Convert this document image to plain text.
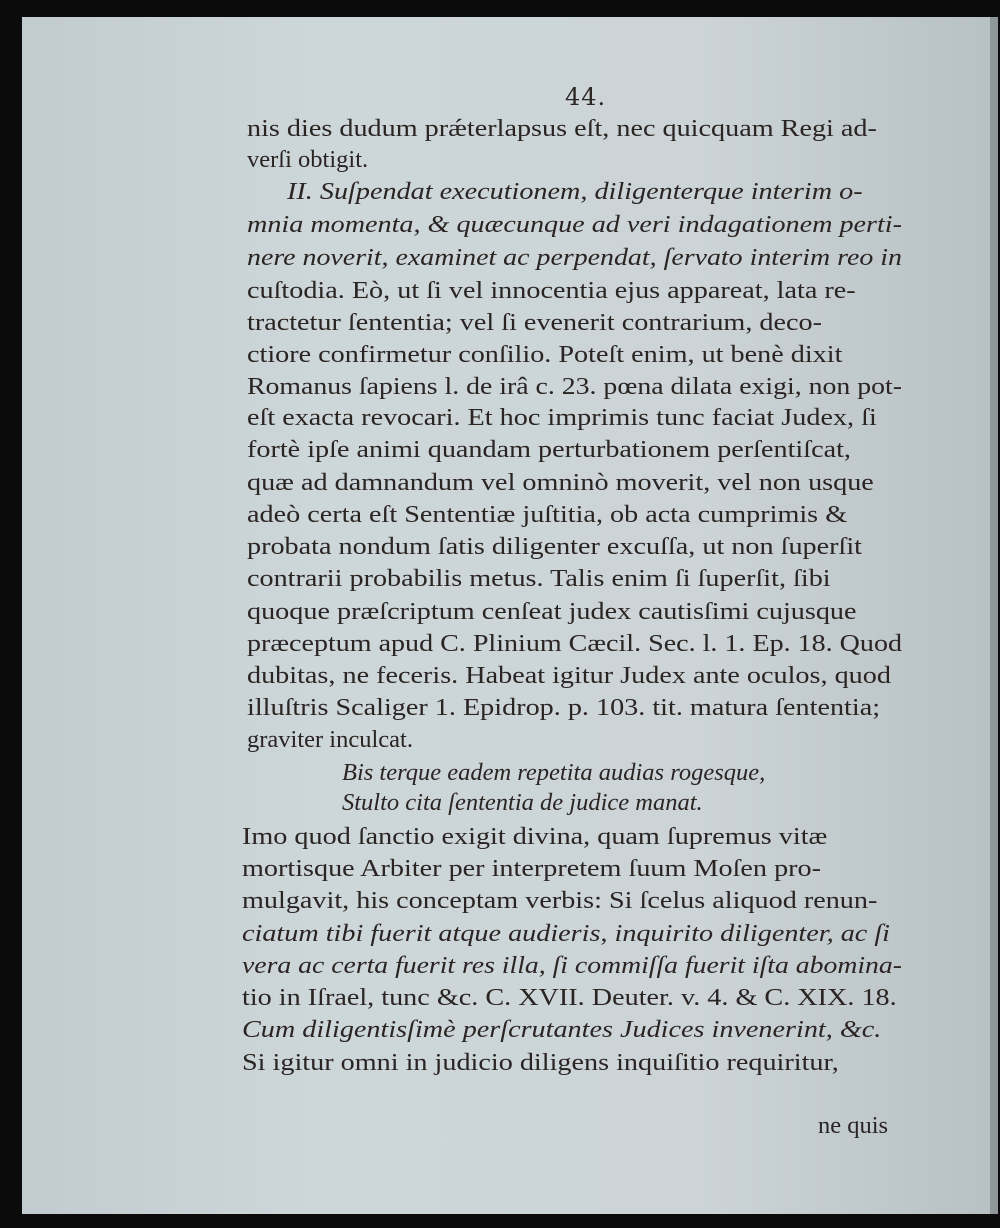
44.
nis dies dudum prǽterlapsus eſt, nec quicquam Regi ad-
verſi obtigit.
II. Suſpendat executionem, diligenterque interim o-
mnia momenta, & quæcunque ad veri indagationem perti-
nere noverit, examinet ac perpendat, ſervato interim reo in
cuſtodia. Eò, ut ſi vel innocentia ejus appareat, lata re-
tractetur ſententia; vel ſi evenerit contrarium, deco-
ctiore confirmetur conſilio. Poteſt enim, ut benè dixit
Romanus ſapiens l. de irâ c. 23. pœna dilata exigi, non pot-
eſt exacta revocari. Et hoc imprimis tunc faciat Judex, ſi
fortè ipſe animi quandam perturbationem perſentiſcat,
quæ ad damnandum vel omninò moverit, vel non usque
adeò certa eſt Sententiæ juſtitia, ob acta cumprimis &
probata nondum ſatis diligenter excuſſa, ut non ſuperſit
contrarii probabilis metus. Talis enim ſi ſuperſit, ſibi
quoque præſcriptum cenſeat judex cautisſimi cujusque
præceptum apud C. Plinium Cæcil. Sec. l. 1. Ep. 18. Quod
dubitas, ne feceris. Habeat igitur Judex ante oculos, quod
illuſtris Scaliger 1. Epidrop. p. 103. tit. matura ſententia;
graviter inculcat.
Bis terque eadem repetita audias rogesque,
Stulto cita ſententia de judice manat.
Imo quod ſanctio exigit divina, quam ſupremus vitæ
mortisque Arbiter per interpretem ſuum Moſen pro-
mulgavit, his conceptam verbis: Si ſcelus aliquod renun-
ciatum tibi fuerit atque audieris, inquirito diligenter, ac ſi
vera ac certa fuerit res illa, ſi commiſſa fuerit iſta abomina-
tio in Iſrael, tunc &c. C. XVII. Deuter. v. 4. & C. XIX. 18.
Cum diligentisſimè perſcrutantes Judices invenerint, &c.
Si igitur omni in judicio diligens inquiſitio requiritur,
ne quis
